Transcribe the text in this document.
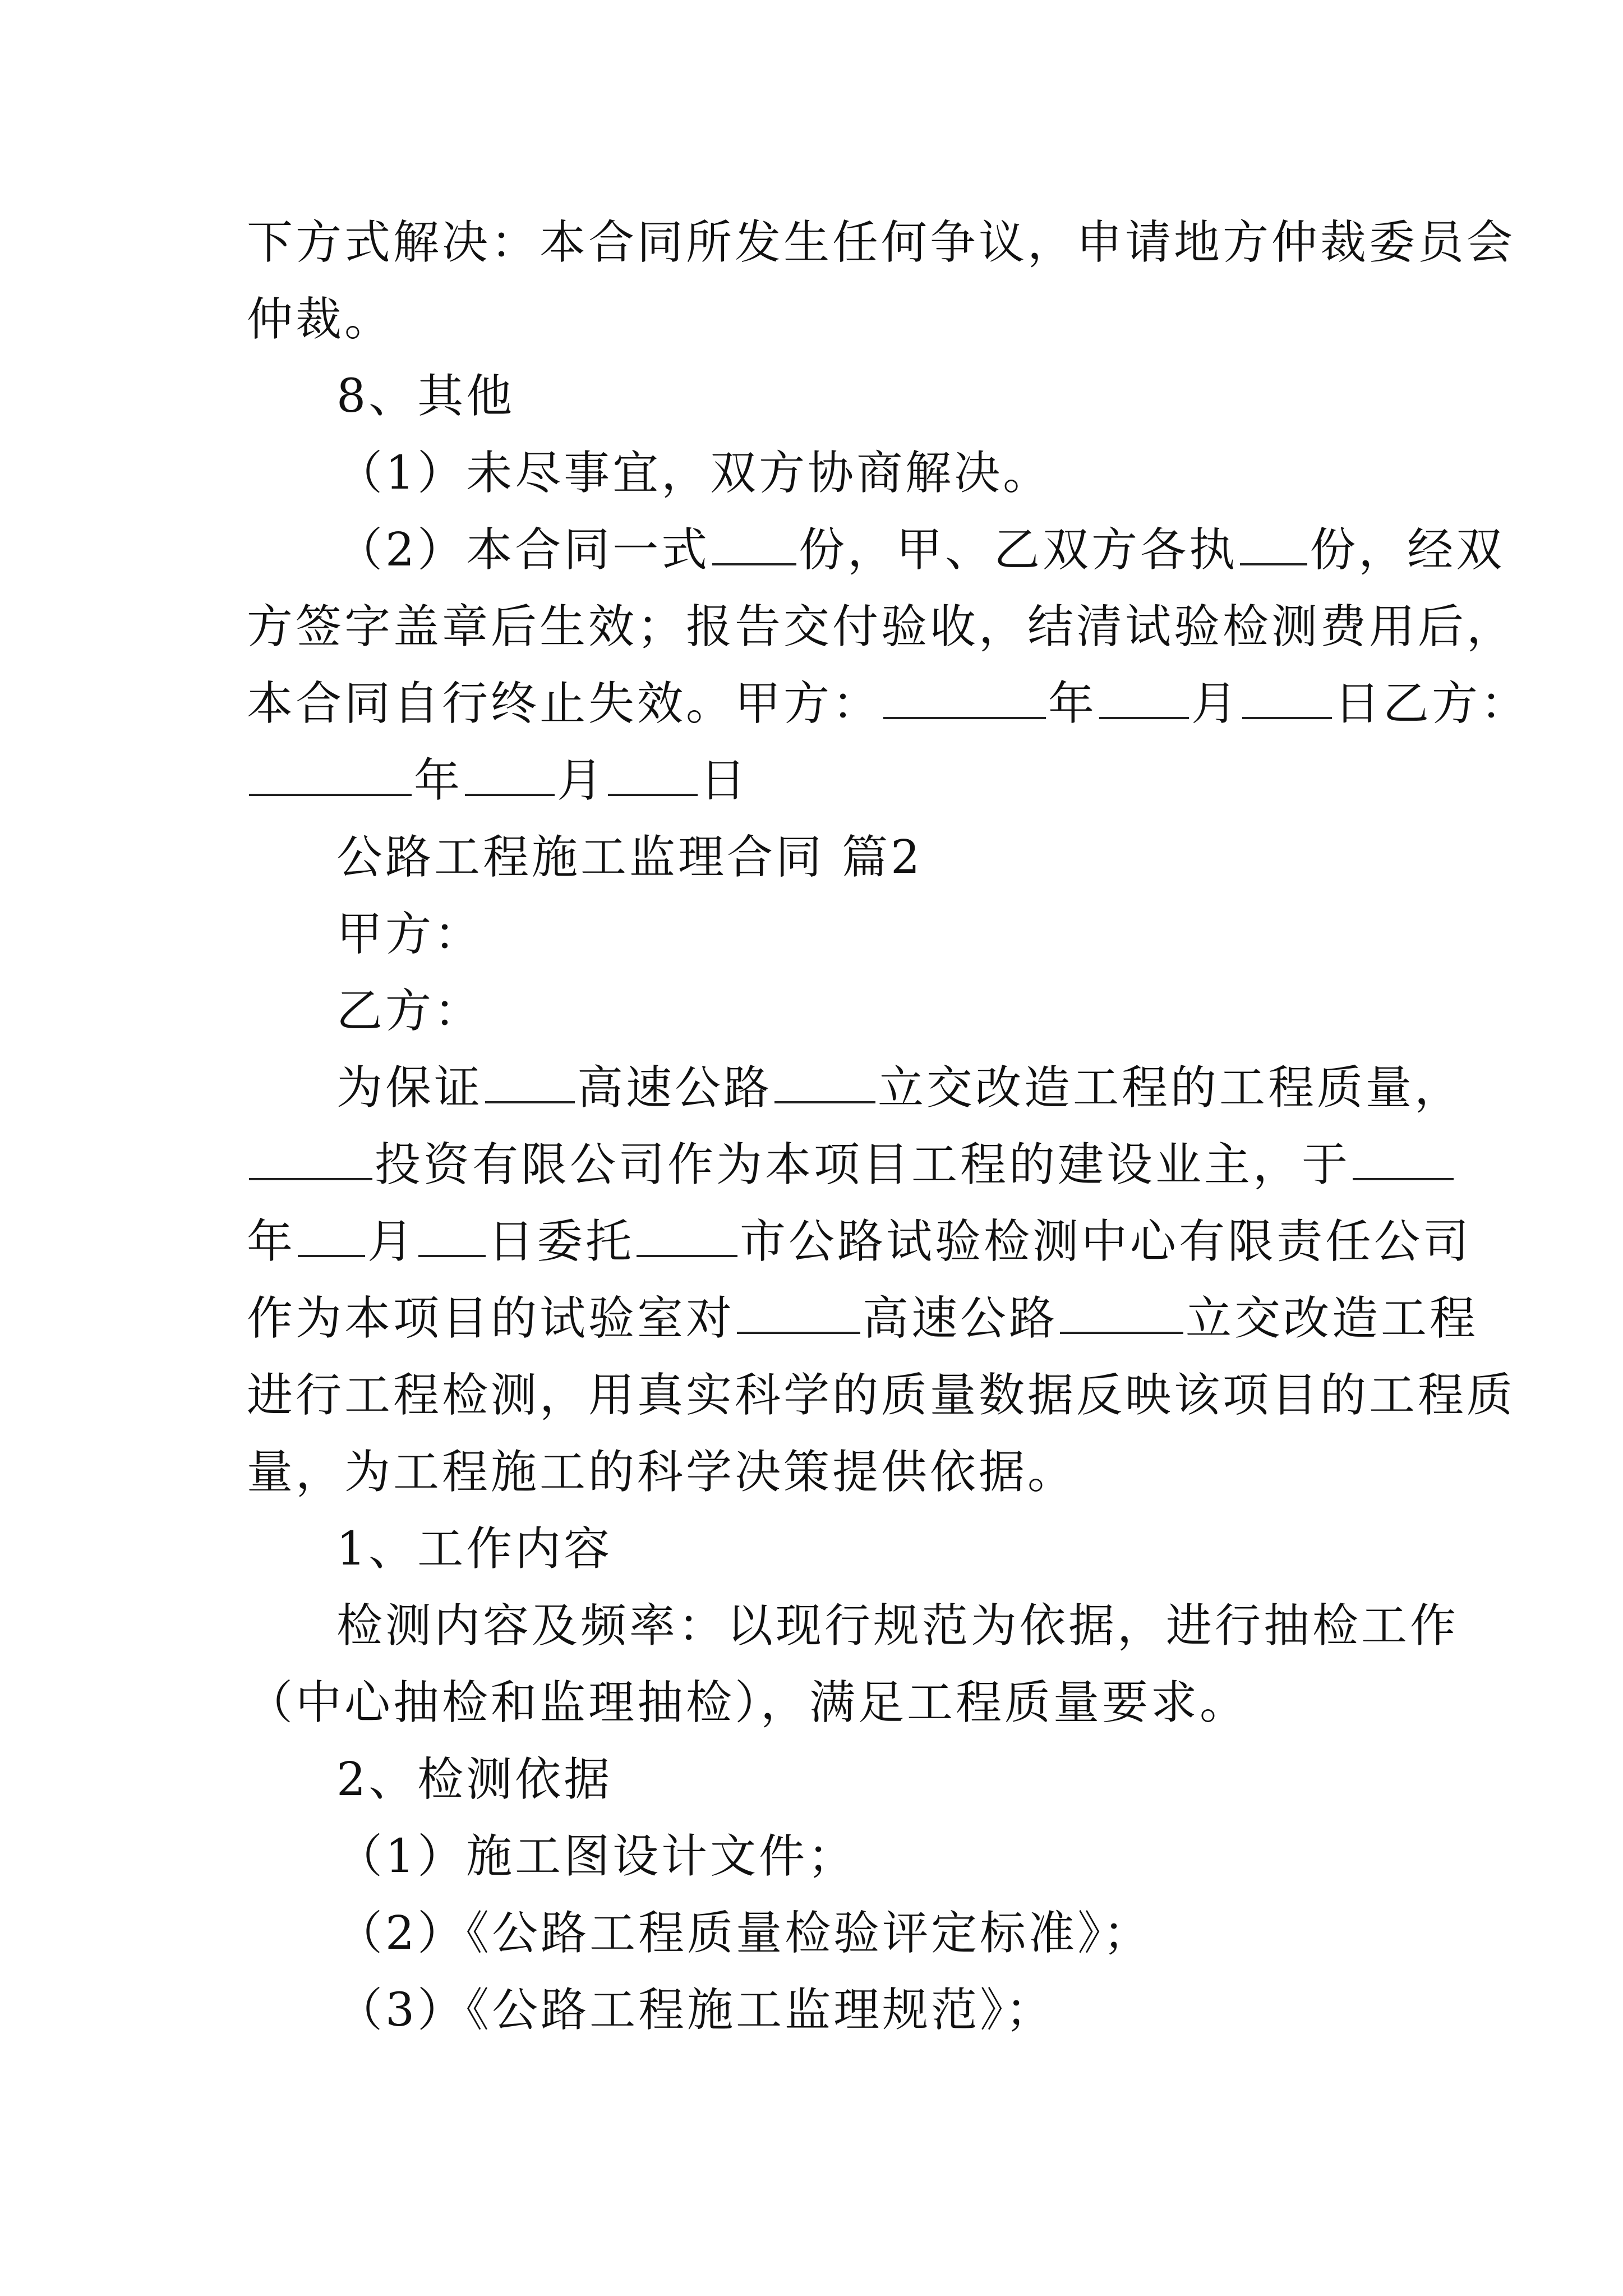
下方式解决：本合同所发生任何争议，申请地方仲裁委员会
仲裁。
8、其他
（1）未尽事宜，双方协商解决。
（2）本合同一式 份，甲、乙双方各执 份，经双
方签字盖章后生效；报告交付验收，结清试验检测费用后，
本合同自行终止失效。甲方：	年 月 日乙方：
年 月 日
公路工程施工监理合同 篇2
甲方：
乙方：
为保证 高速公路 立交改造工程的工程质量，
投资有限公司作为本项目工程的建设业主，于
年 月 日委托 市公路试验检测中心有限责任公司
作为本项目的试验室对	高速公路	立交改造工程
进行工程检测，用真实科学的质量数据反映该项目的工程质
量，为工程施工的科学决策提供依据。
1、工作内容
检测内容及频率：以现行规范为依据，进行抽检工作
（中心抽检和监理抽检），满足工程质量要求。
2、检测依据
（1）施工图设计文件；
（2）《公路工程质量检验评定标准》；
（3）《公路工程施工监理规范》；
